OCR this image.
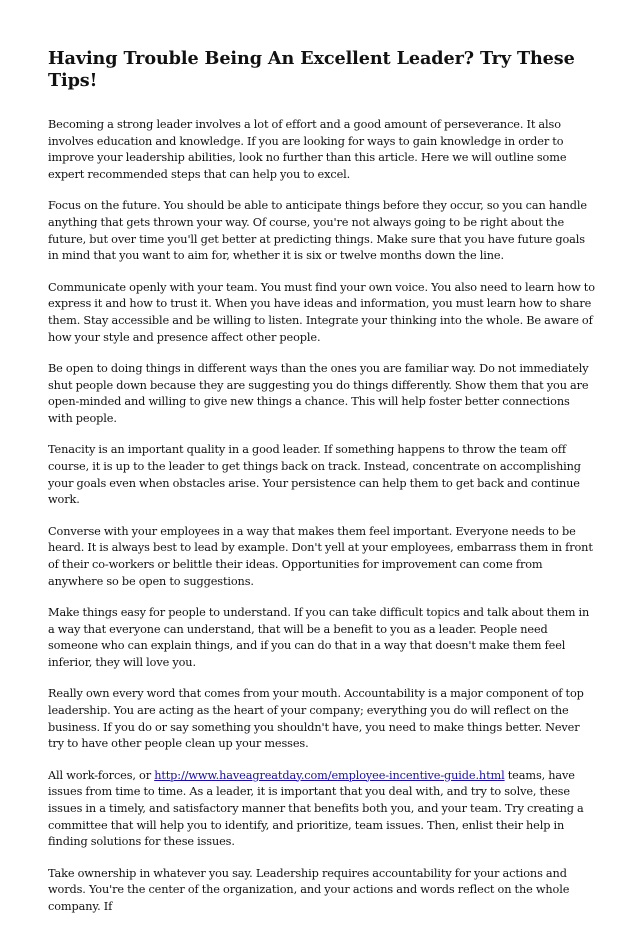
Having Trouble Being An Excellent Leader? Try These Tips!

Becoming a strong leader involves a lot of effort and a good amount of perseverance. It also involves education and knowledge. If you are looking for ways to gain knowledge in order to improve your leadership abilities, look no further than this article. Here we will outline some expert recommended steps that can help you to excel.

Focus on the future. You should be able to anticipate things before they occur, so you can handle anything that gets thrown your way. Of course, you're not always going to be right about the future, but over time you'll get better at predicting things. Make sure that you have future goals in mind that you want to aim for, whether it is six or twelve months down the line.

Communicate openly with your team. You must find your own voice. You also need to learn how to express it and how to trust it. When you have ideas and information, you must learn how to share them. Stay accessible and be willing to listen. Integrate your thinking into the whole. Be aware of how your style and presence affect other people.

Be open to doing things in different ways than the ones you are familiar way. Do not immediately shut people down because they are suggesting you do things differently. Show them that you are open-minded and willing to give new things a chance. This will help foster better connections with people.

Tenacity is an important quality in a good leader. If something happens to throw the team off course, it is up to the leader to get things back on track. Instead, concentrate on accomplishing your goals even when obstacles arise. Your persistence can help them to get back and continue work.

Converse with your employees in a way that makes them feel important. Everyone needs to be heard. It is always best to lead by example. Don't yell at your employees, embarrass them in front of their co-workers or belittle their ideas. Opportunities for improvement can come from anywhere so be open to suggestions.

Make things easy for people to understand. If you can take difficult topics and talk about them in a way that everyone can understand, that will be a benefit to you as a leader. People need someone who can explain things, and if you can do that in a way that doesn't make them feel inferior, they will love you.

Really own every word that comes from your mouth. Accountability is a major component of top leadership. You are acting as the heart of your company; everything you do will reflect on the business. If you do or say something you shouldn't have, you need to make things better. Never try to have other people clean up your messes.

All work-forces, or http://www.haveagreatday.com/employee-incentive-guide.html teams, have issues from time to time. As a leader, it is important that you deal with, and try to solve, these issues in a timely, and satisfactory manner that benefits both you, and your team. Try creating a committee that will help you to identify, and prioritize, team issues. Then, enlist their help in finding solutions for these issues.

Take ownership in whatever you say. Leadership requires accountability for your actions and words. You're the center of the organization, and your actions and words reflect on the whole company. If
